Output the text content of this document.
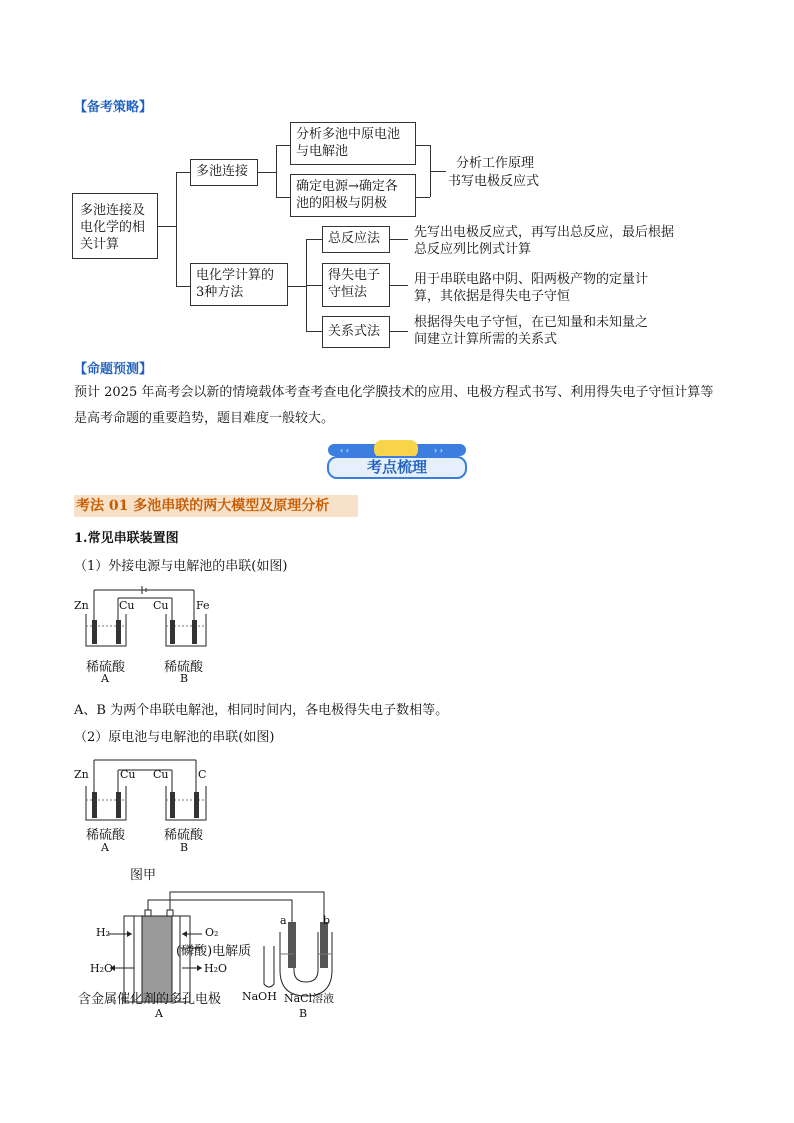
【备考策略】
多池连接及电化学的相关计算
多池连接
分析多池中原电池与电解池
确定电源→确定各池的阳极与阴极
分析工作原理
书写电极反应式
电化学计算的3种方法
总反应法
得失电子守恒法
关系式法
先写出电极反应式，再写出总反应，最后根据总反应列比例式计算
用于串联电路中阴、阳两极产物的定量计算，其依据是得失电子守恒
根据得失电子守恒，在已知量和未知量之间建立计算所需的关系式
【命题预测】
预计 2025 年高考会以新的情境载体考查考查电化学膜技术的应用、电极方程式书写、利用得失电子守恒计算等是高考命题的重要趋势，题目难度一般较大。
‹ ‹	› ›
考点梳理
考法 01 多池串联的两大模型及原理分析
1.常见串联装置图
（1）外接电源与电解池的串联(如图)
Zn	Cu Cu Fe
稀硫酸	稀硫酸
A	B
A、B 为两个串联电解池，相同时间内，各电极得失电子数相等。
（2）原电池与电解池的串联(如图)
Zn	Cu Cu	C
稀硫酸	稀硫酸
A	B
图甲
H₂	O₂
(磷酸)电解质
H₂O	H₂O
含金属催化剂的多孔电极
a	b
NaOH NaCl溶液
A	B
